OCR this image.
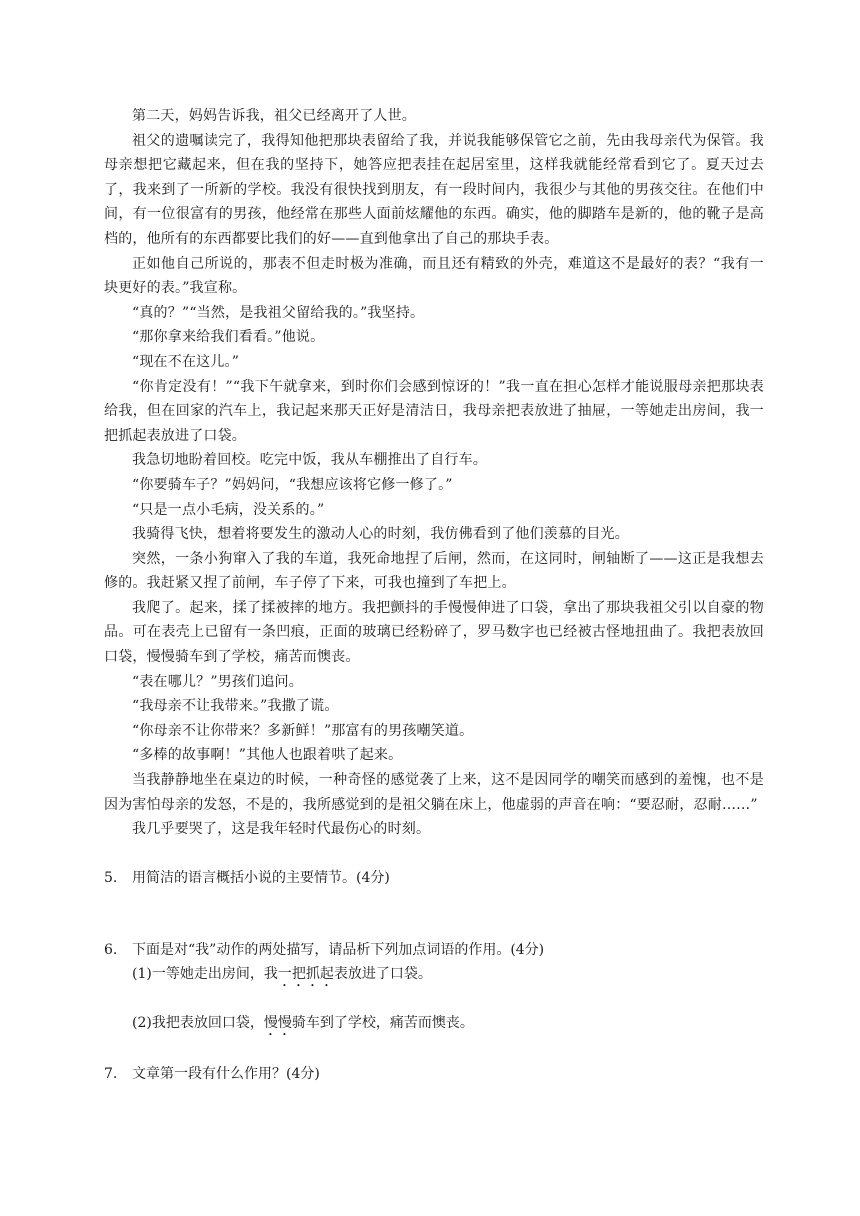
第二天，妈妈告诉我，祖父已经离开了人世。

祖父的遗嘱读完了，我得知他把那块表留给了我，并说我能够保管它之前，先由我母亲代为保管。我母亲想把它藏起来，但在我的坚持下，她答应把表挂在起居室里，这样我就能经常看到它了。夏天过去了，我来到了一所新的学校。我没有很快找到朋友，有一段时间内，我很少与其他的男孩交往。在他们中间，有一位很富有的男孩，他经常在那些人面前炫耀他的东西。确实，他的脚踏车是新的，他的靴子是高档的，他所有的东西都要比我们的好——直到他拿出了自己的那块手表。

正如他自己所说的，那表不但走时极为准确，而且还有精致的外壳，难道这不是最好的表？“我有一块更好的表。”我宣称。

“真的？”“当然，是我祖父留给我的。”我坚持。

“那你拿来给我们看看。”他说。

“现在不在这儿。”

“你肯定没有！”“我下午就拿来，到时你们会感到惊讶的！”我一直在担心怎样才能说服母亲把那块表给我，但在回家的汽车上，我记起来那天正好是清洁日，我母亲把表放进了抽屉，一等她走出房间，我一把抓起表放进了口袋。

我急切地盼着回校。吃完中饭，我从车棚推出了自行车。

“你要骑车子？”妈妈问，“我想应该将它修一修了。”

“只是一点小毛病，没关系的。”

我骑得飞快，想着将要发生的激动人心的时刻，我仿佛看到了他们羡慕的目光。

突然，一条小狗窜入了我的车道，我死命地捏了后闸，然而，在这同时，闸轴断了——这正是我想去修的。我赶紧又捏了前闸，车子停了下来，可我也撞到了车把上。

我爬了。起来，揉了揉被摔的地方。我把颤抖的手慢慢伸进了口袋，拿出了那块我祖父引以自豪的物品。可在表壳上已留有一条凹痕，正面的玻璃已经粉碎了，罗马数字也已经被古怪地扭曲了。我把表放回口袋，慢慢骑车到了学校，痛苦而懊丧。

“表在哪儿？”男孩们追问。

“我母亲不让我带来。”我撒了谎。

“你母亲不让你带来？多新鲜！”那富有的男孩嘲笑道。

“多棒的故事啊！”其他人也跟着哄了起来。

当我静静地坐在桌边的时候，一种奇怪的感觉袭了上来，这不是因同学的嘲笑而感到的羞愧，也不是因为害怕母亲的发怒，不是的，我所感觉到的是祖父躺在床上，他虚弱的声音在响：“要忍耐，忍耐……”

我几乎要哭了，这是我年轻时代最伤心的时刻。

5. 用简洁的语言概括小说的主要情节。(4分)

6. 下面是对“我”动作的两处描写，请品析下列加点词语的作用。(4分)

(1)一等她走出房间，我一把抓起表放进了口袋。

(2)我把表放回口袋，慢慢骑车到了学校，痛苦而懊丧。

7. 文章第一段有什么作用？(4分)
